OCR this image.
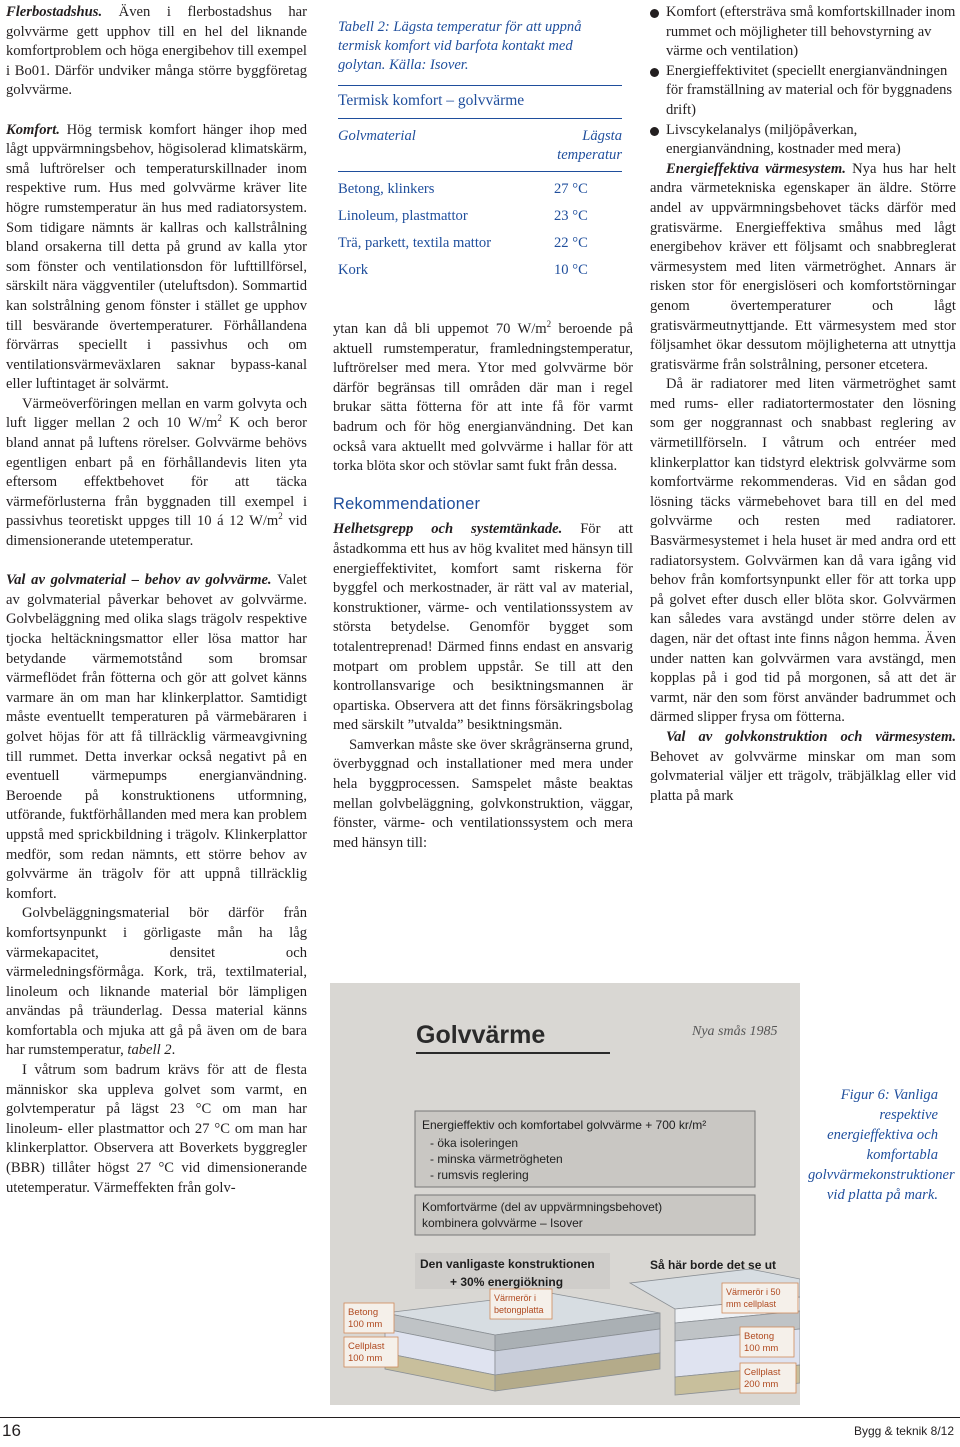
Flerbostadshus. Även i flerbostadshus har golvvärme gett upphov till en hel del liknande komfortproblem och höga energibehov till exempel i Bo01. Därför undviker många större byggföretag golvvärme.

Komfort. Hög termisk komfort hänger ihop med lågt uppvärmningsbehov, högisolerad klimatskärm, små luftrörelser och temperaturskillnader inom respektive rum. Hus med golvvärme kräver lite högre rumstemperatur än hus med radiatorsystem. Som tidigare nämnts är kallras och kallstrålning bland orsakerna till detta på grund av kalla ytor som fönster och ventilationsdon för lufttillförsel, särskilt nära väggventiler (uteluftsdon). Sommartid kan solstrålning genom fönster i stället ge upphov till besvärande övertemperaturer. Förhållandena förvärras speciellt i passivhus och om ventilationsvärmeväxlaren saknar bypass-kanal eller luftintaget är solvärmt.

Värmeöverföringen mellan en varm golvyta och luft ligger mellan 2 och 10 $W/m^2$ K och beror bland annat på luftens rörelser. Golvvärme behövs egentligen enbart på en förhållandevis liten yta eftersom effektbehovet för att täcka värmeförlusterna från byggnaden till exempel i passivhus teoretiskt uppges till 10 á 12 $W/m^2$ vid dimensionerande utetemperatur.

Val av golvmaterial – behov av golvvärme. Valet av golvmaterial påverkar behovet av golvvärme. Golvbeläggning med olika slags trägolv respektive tjocka heltäckningsmattor eller lösa mattor har betydande värmemotstånd som bromsar värmeflödet från fötterna och gör att golvet känns varmare än om man har klinkerplattor. Samtidigt måste eventuellt temperaturen på värmebäraren i golvet höjas för att få tillräcklig värmeavgivning till rummet. Detta inverkar också negativt på en eventuell värmepumps energianvändning. Beroende på konstruktionens utformning, utförande, fuktförhållanden med mera kan problem uppstå med sprickbildning i trägolv. Klinkerplattor medför, som redan nämnts, ett större behov av golvvärme än trägolv för att uppnå tillräcklig komfort.

Golvbeläggningsmaterial bör därför från komfortsynpunkt i görligaste mån ha låg värmekapacitet, densitet och värmeledningsförmåga. Kork, trä, textilmaterial, linoleum och liknande material bör lämpligen användas på träunderlag. Dessa material känns komfortabla och mjuka att gå på även om de bara har rumstemperatur, tabell 2.

I våtrum som badrum krävs för att de flesta människor ska uppleva golvet som varmt, en golvtemperatur på lägst 23 °C om man har linoleum- eller plastmattor och 27 °C om man har klinkerplattor. Observera att Boverkets byggregler (BBR) tillåter högst 27 °C vid dimensionerande utetemperatur. Värmeffekten från golv-

Tabell 2: Lägsta temperatur för att uppnå termisk komfort vid barfota kontakt med golytan. Källa: Isover.
Termisk komfort – golvvärme
Golvmaterial	Lägsta
temperatur
Betong, klinkers	27 °C
Linoleum, plastmattor	23 °C
Trä, parkett, textila mattor	22 °C
Kork	10 °C

ytan kan då bli uppemot 70 $W/m^2$ beroende på aktuell rumstemperatur, framledningstemperatur, luftrörelser med mera. Ytor med golvvärme bör därför begränsas till områden där man i regel brukar sätta fötterna för att inte få för varmt badrum och för hög energianvändning. Det kan också vara aktuellt med golvvärme i hallar för att torka blöta skor och stövlar samt fukt från dessa.

Rekommendationer

Helhetsgrepp och systemtänkade. För att åstadkomma ett hus av hög kvalitet med hänsyn till energieffektivitet, komfort samt riskerna för byggfel och merkostnader, är rätt val av material, konstruktioner, värme- och ventilationssystem av största betydelse. Genomför bygget som totalentreprenad! Därmed finns endast en ansvarig motpart om problem uppstår. Se till att den kontrollansvarige och besiktningsmannen är opartiska. Observera att det finns försäkringsbolag med särskilt ”utvalda” besiktningsmän.

Samverkan måste ske över skrågränserna grund, överbyggnad och installationer med mera under hela byggprocessen. Samspelet måste beaktas mellan golvbeläggning, golvkonstruktion, väggar, fönster, värme- och ventilationssystem och mera med hänsyn till:

Komfort (eftersträva små komfortskillnader inom rummet och möjligheter till behovstyrning av värme och ventilation)
Energieffektivitet (speciellt energianvändningen för framställning av material och för byggnadens drift)
Livscykelanalys (miljöpåverkan, energianvändning, kostnader med mera)

Energieffektiva värmesystem. Nya hus har helt andra värmetekniska egenskaper än äldre. Större andel av uppvärmningsbehovet täcks därför med gratisvärme. Energieffektiva småhus med lågt energibehov kräver ett följsamt och snabbreglerat värmesystem med liten värmetröghet. Annars är risken stor för energislöseri och komfortstörningar genom övertemperaturer och lågt gratisvärmeutnyttjande. Ett värmesystem med stor följsamhet ökar dessutom möjligheterna att utnyttja gratisvärme från solstrålning, personer etcetera.

Då är radiatorer med liten värmetröghet samt med rums- eller radiatortermostater den lösning som ger noggrannast och snabbast reglering av värmetillförseln. I våtrum och entréer med klinkerplattor kan tidstyrd elektrisk golvvärme som komfortvärme rekommenderas. Vid en sådan god lösning täcks värmebehovet bara till en del med golvvärme och resten med radiatorer. Basvärmesystemet i hela huset är med andra ord ett radiatorsystem. Golvvärmen kan då vara igång vid behov från komfortsynpunkt eller för att torka upp på golvet efter dusch eller blöta skor. Golvvärmen kan således vara avstängd under större delen av dagen, när det oftast inte finns någon hemma. Även under natten kan golvvärmen vara avstängd, men kopplas på i god tid på morgonen, så att det är varmt, när den som först använder badrummet och därmed slipper frysa om fötterna.

Val av golvkonstruktion och värmesystem. Behovet av golvvärme minskar om man som golvmaterial väljer ett trägolv, träbjälklag eller vid platta på mark

Golvvärme	Nya smås 1985
Energieffektiv och komfortabel golvvärme + 700 kr/m²
- öka isoleringen
- minska värmetrögheten
- rumsvis reglering
Komfortvärme (del av uppvärmningsbehovet)
kombinera golvvärme – Isover
Den vanligaste konstruktionen
+ 30% energiökning
Så här borde det se ut
Betong 100 mm
Cellplast 100 mm
Värmerör i betongplatta
Värmerör i 50 mm cellplast
Betong 100 mm
Cellplast 200 mm
Figur 6: Vanliga respektive energieffektiva och komfortabla golvvärmekonstruktioner vid platta på mark.
16	Bygg & teknik 8/12
